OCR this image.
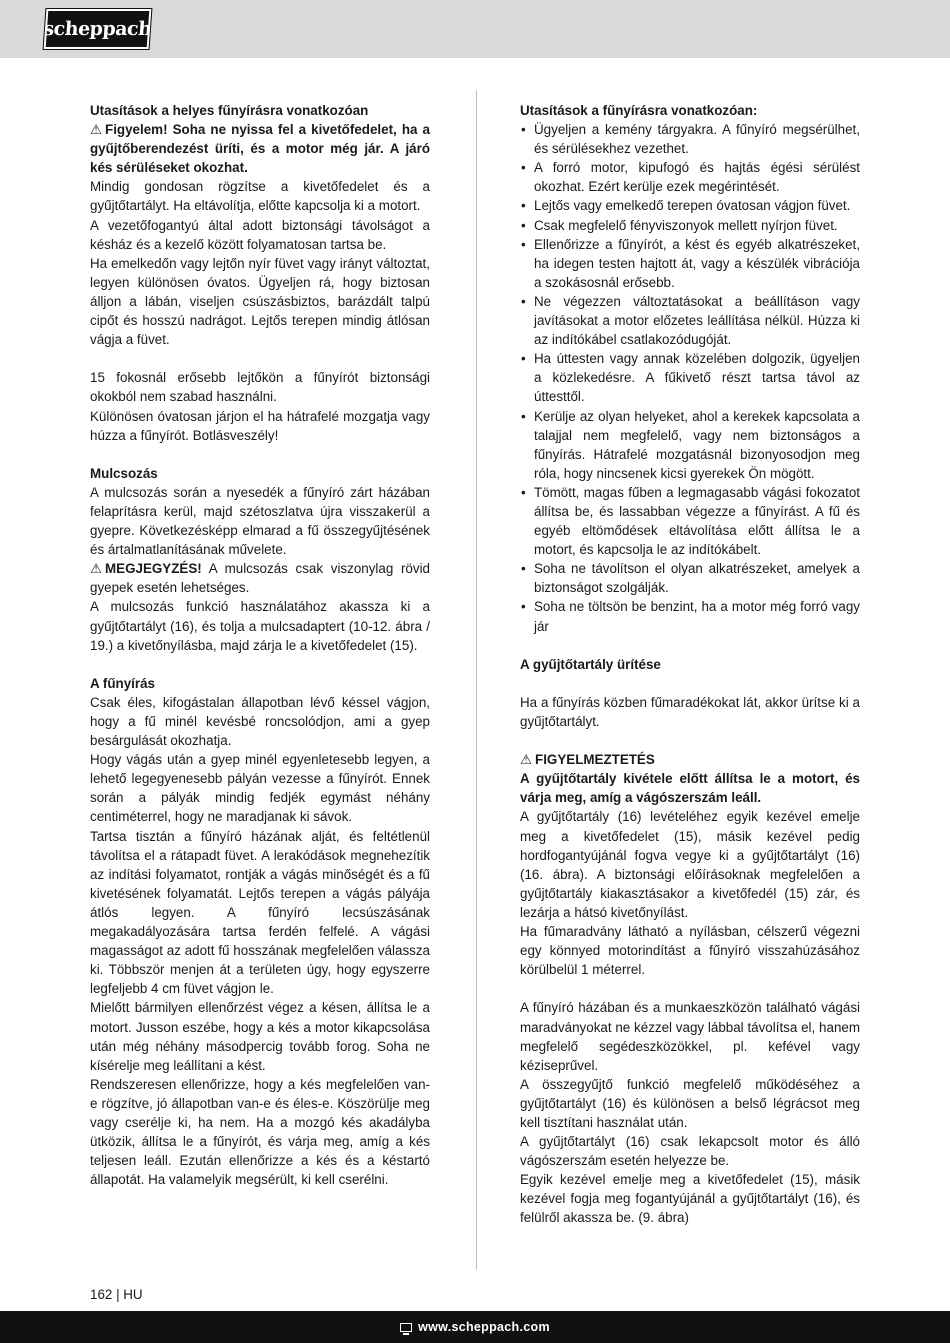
scheppach

Utasítások a helyes fűnyírásra vonatkozóan

⚠ Figyelem! Soha ne nyissa fel a kivetőfedelet, ha a gyűjtőberendezést üríti, és a motor még jár. A járó kés sérüléseket okozhat.

Mindig gondosan rögzítse a kivetőfedelet és a gyűjtőtartályt. Ha eltávolítja, előtte kapcsolja ki a motort.

A vezetőfogantyú által adott biztonsági távolságot a késház és a kezelő között folyamatosan tartsa be.

Ha emelkedőn vagy lejtőn nyír füvet vagy irányt változtat, legyen különösen óvatos. Ügyeljen rá, hogy biztosan álljon a lábán, viseljen csúszásbiztos, barázdált talpú cipőt és hosszú nadrágot. Lejtős terepen mindig átlósan vágja a füvet.

15 fokosnál erősebb lejtőkön a fűnyírót biztonsági okokból nem szabad használni.

Különösen óvatosan járjon el ha hátrafelé mozgatja vagy húzza a fűnyírót. Botlásveszély!

Mulcsozás

A mulcsozás során a nyesedék a fűnyíró zárt házában felaprításra kerül, majd szétoszlatva újra visszakerül a gyepre. Következésképp elmarad a fű összegyűjtésének és ártalmatlanításának művelete.

⚠ MEGJEGYZÉS! A mulcsozás csak viszonylag rövid gyepek esetén lehetséges.

A mulcsozás funkció használatához akassza ki a gyűjtőtartályt (16), és tolja a mulcsadaptert (10-12. ábra / 19.) a kivetőnyílásba, majd zárja le a kivetőfedelet (15).

A fűnyírás

Csak éles, kifogástalan állapotban lévő késsel vágjon, hogy a fű minél kevésbé roncsolódjon, ami a gyep besárgulását okozhatja.

Hogy vágás után a gyep minél egyenletesebb legyen, a lehető legegyenesebb pályán vezesse a fűnyírót. Ennek során a pályák mindig fedjék egymást néhány centiméterrel, hogy ne maradjanak ki sávok.

Tartsa tisztán a fűnyíró házának alját, és feltétlenül távolítsa el a rátapadt füvet. A lerakódások megnehezítik az indítási folyamatot, rontják a vágás minőségét és a fű kivetésének folyamatát. Lejtős terepen a vágás pályája átlós legyen. A fűnyíró lecsúszásának megakadályozására tartsa ferdén felfelé. A vágási magasságot az adott fű hosszának megfelelően válassza ki. Többször menjen át a területen úgy, hogy egyszerre legfeljebb 4 cm füvet vágjon le.

Mielőtt bármilyen ellenőrzést végez a késen, állítsa le a motort. Jusson eszébe, hogy a kés a motor kikapcsolása után még néhány másodpercig tovább forog. Soha ne kísérelje meg leállítani a kést.

Rendszeresen ellenőrizze, hogy a kés megfelelően van-e rögzítve, jó állapotban van-e és éles-e. Köszörülje meg vagy cserélje ki, ha nem. Ha a mozgó kés akadályba ütközik, állítsa le a fűnyírót, és várja meg, amíg a kés teljesen leáll. Ezután ellenőrizze a kés és a késtartó állapotát. Ha valamelyik megsérült, ki kell cserélni.

Utasítások a fűnyírásra vonatkozóan:

• Ügyeljen a kemény tárgyakra. A fűnyíró megsérülhet, és sérülésekhez vezethet.
• A forró motor, kipufogó és hajtás égési sérülést okozhat. Ezért kerülje ezek megérintését.
• Lejtős vagy emelkedő terepen óvatosan vágjon füvet.
• Csak megfelelő fényviszonyok mellett nyírjon füvet.
• Ellenőrizze a fűnyírót, a kést és egyéb alkatrészeket, ha idegen testen hajtott át, vagy a készülék vibrációja a szokásosnál erősebb.
• Ne végezzen változtatásokat a beállításon vagy javításokat a motor előzetes leállítása nélkül. Húzza ki az indítókábel csatlakozódugóját.
• Ha úttesten vagy annak közelében dolgozik, ügyeljen a közlekedésre. A fűkivető részt tartsa távol az úttesttől.
• Kerülje az olyan helyeket, ahol a kerekek kapcsolata a talajjal nem megfelelő, vagy nem biztonságos a fűnyírás. Hátrafelé mozgatásnál bizonyosodjon meg róla, hogy nincsenek kicsi gyerekek Ön mögött.
• Tömött, magas fűben a legmagasabb vágási fokozatot állítsa be, és lassabban végezze a fűnyírást. A fű és egyéb eltömődések eltávolítása előtt állítsa le a motort, és kapcsolja le az indítókábelt.
• Soha ne távolítson el olyan alkatrészeket, amelyek a biztonságot szolgálják.
• Soha ne töltsön be benzint, ha a motor még forró vagy jár

A gyűjtőtartály ürítése

Ha a fűnyírás közben fűmaradékokat lát, akkor ürítse ki a gyűjtőtartályt.

⚠ FIGYELMEZTETÉS

A gyűjtőtartály kivétele előtt állítsa le a motort, és várja meg, amíg a vágószerszám leáll.

A gyűjtőtartály (16) levételéhez egyik kezével emelje meg a kivetőfedelet (15), másik kezével pedig hordfogantyújánál fogva vegye ki a gyűjtőtartályt (16) (16. ábra). A biztonsági előírásoknak megfelelően a gyűjtőtartály kiakasztásakor a kivetőfedél (15) zár, és lezárja a hátsó kivetőnyílást.

Ha fűmaradvány látható a nyílásban, célszerű végezni egy könnyed motorindítást a fűnyíró visszahúzásához körülbelül 1 méterrel.

A fűnyíró házában és a munkaeszközön található vágási maradványokat ne kézzel vagy lábbal távolítsa el, hanem megfelelő segédeszközökkel, pl. kefével vagy kéziseprűvel.

A összegyűjtő funkció megfelelő működéséhez a gyűjtőtartályt (16) és különösen a belső légrácsot meg kell tisztítani használat után.

A gyűjtőtartályt (16) csak lekapcsolt motor és álló vágószerszám esetén helyezze be.

Egyik kezével emelje meg a kivetőfedelet (15), másik kezével fogja meg fogantyújánál a gyűjtőtartályt (16), és felülről akassza be. (9. ábra)

162 | HU
www.scheppach.com
